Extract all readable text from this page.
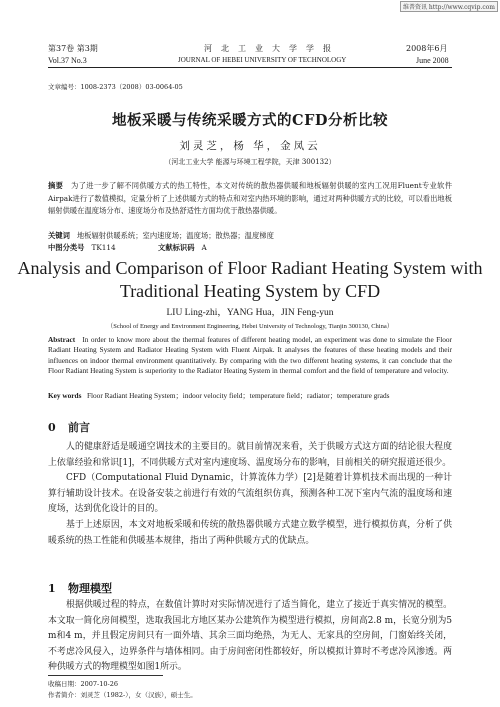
维普资讯 http://www.cqvip.com
第37卷 第3期	河北工业大学学报	2008年6月
Vol.37 No.3	JOURNAL OF HEBEI UNIVERSITY OF TECHNOLOGY	June 2008
文章编号：1008-2373（2008）03-0064-05
地板采暖与传统采暖方式的CFD分析比较
刘灵芝，杨 华，金凤云
（河北工业大学 能源与环境工程学院，天津 300132）
摘要 为了进一步了解不同供暖方式的热工特性，本文对传统的散热器供暖和地板辐射供暖的室内工况用Fluent专业软件Airpak进行了数值模拟，定量分析了上述供暖方式的特点和对室内热环境的影响，通过对两种供暖方式的比较，可以看出地板辐射供暖在温度场分布、速度场分布及热舒适性方面均优于散热器供暖。
关键词 地板辐射供暖系统；室内速度场；温度场；散热器；温度梯度
中图分类号 TK114	文献标识码 A
Analysis and Comparison of Floor Radiant Heating System with
Traditional Heating System by CFD
LIU Ling-zhi，YANG Hua，JIN Feng-yun
（School of Energy and Environment Engineering, Hebei University of Technology, Tianjin 300130, China）
Abstract In order to know more about the thermal features of different heating model, an experiment was done to simulate the Floor Radiant Heating System and Radiator Heating System with Fluent Airpak. It analyses the features of these heating models and their influences on indoor thermal environment quantitatively. By comparing with the two different heating systems, it can conclude that the Floor Radiant Heating System is superiority to the Radiator Heating System in thermal comfort and the field of temperature and velocity.
Key words Floor Radiant Heating System；indoor velocity field；temperature field；radiator；temperature grads
0 前言

人的健康舒适是暖通空调技术的主要目的。就目前情况来看，关于供暖方式这方面的结论很大程度上依靠经验和常识[1]，不同供暖方式对室内速度场、温度场分布的影响，目前相关的研究报道还很少。

CFD（Computational Fluid Dynamic，计算流体力学）[2]是随着计算机技术而出现的一种计算行辅助设计技术。在设备安装之前进行有效的气流组织仿真，预测各种工况下室内气流的温度场和速度场，达到优化设计的目的。

基于上述原因，本文对地板采暖和传统的散热器供暖方式建立数学模型，进行模拟仿真，分析了供暖系统的热工性能和供暖基本规律，指出了两种供暖方式的优缺点。

1 物理模型

根据供暖过程的特点，在数值计算时对实际情况进行了适当简化，建立了接近于真实情况的模型。本文取一简化房间模型，选取我国北方地区某办公建筑作为模型进行模拟，房间高2.8 m，长宽分别为5 m和4 m，并且假定房间只有一面外墙、其余三面均绝热，为无人、无家具的空房间，门窗始终关闭，不考虑冷风侵入，边界条件与墙体相同。由于房间密闭性都较好，所以模拟计算时不考虑冷风渗透。两种供暖方式的物理模型如图1所示。

收稿日期：2007-10-26
作者简介：刘灵芝（1982-），女（汉族），硕士生。
